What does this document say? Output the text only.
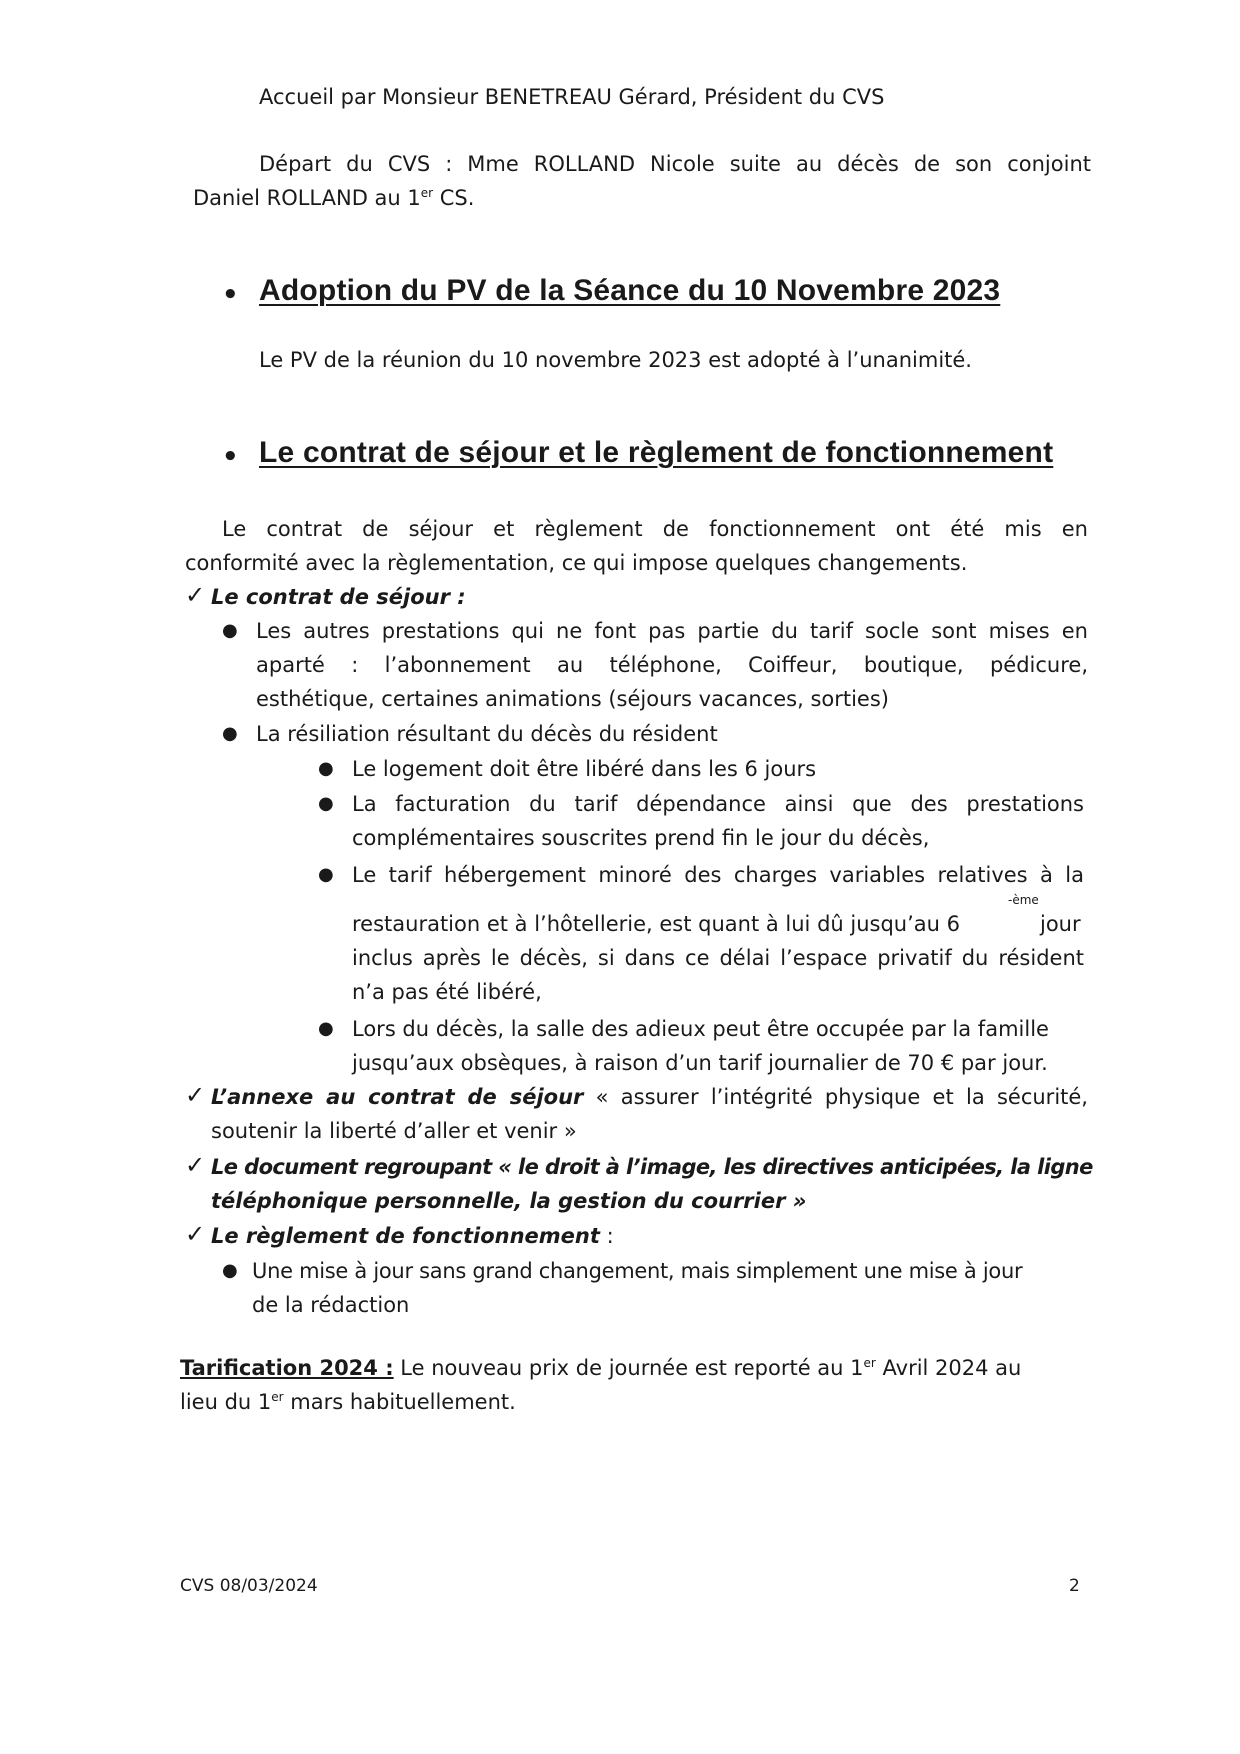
Accueil par Monsieur BENETREAU Gérard, Président du CVS

Départ du CVS : Mme ROLLAND Nicole suite au décès de son conjoint

Daniel ROLLAND au 1er CS.

• Adoption du PV de la Séance du 10 Novembre 2023

Le PV de la réunion du 10 novembre 2023 est adopté à l’unanimité.

• Le contrat de séjour et le règlement de fonctionnement

Le contrat de séjour et règlement de fonctionnement ont été mis en

conformité avec la règlementation, ce qui impose quelques changements.

✓ Le contrat de séjour :

● Les autres prestations qui ne font pas partie du tarif socle sont mises en

aparté : l’abonnement au téléphone, Coiffeur, boutique, pédicure,

esthétique, certaines animations (séjours vacances, sorties)

● La résiliation résultant du décès du résident

● Le logement doit être libéré dans les 6 jours

● La facturation du tarif dépendance ainsi que des prestations

complémentaires souscrites prend fin le jour du décès,

● Le tarif hébergement minoré des charges variables relatives à la

-ème

restauration et à l’hôtellerie, est quant à lui dû jusqu’au 6	jour

inclus après le décès, si dans ce délai l’espace privatif du résident

n’a pas été libéré,

● Lors du décès, la salle des adieux peut être occupée par la famille

jusqu’aux obsèques, à raison d’un tarif journalier de 70 € par jour.

✓ L’annexe au contrat de séjour « assurer l’intégrité physique et la sécurité,

soutenir la liberté d’aller et venir »

✓ Le document regroupant « le droit à l’image, les directives anticipées, la ligne

téléphonique personnelle, la gestion du courrier »

✓ Le règlement de fonctionnement :

● Une mise à jour sans grand changement, mais simplement une mise à jour

de la rédaction

Tarification 2024 : Le nouveau prix de journée est reporté au 1er Avril 2024 au

lieu du 1er mars habituellement.

CVS 08/03/2024	2
